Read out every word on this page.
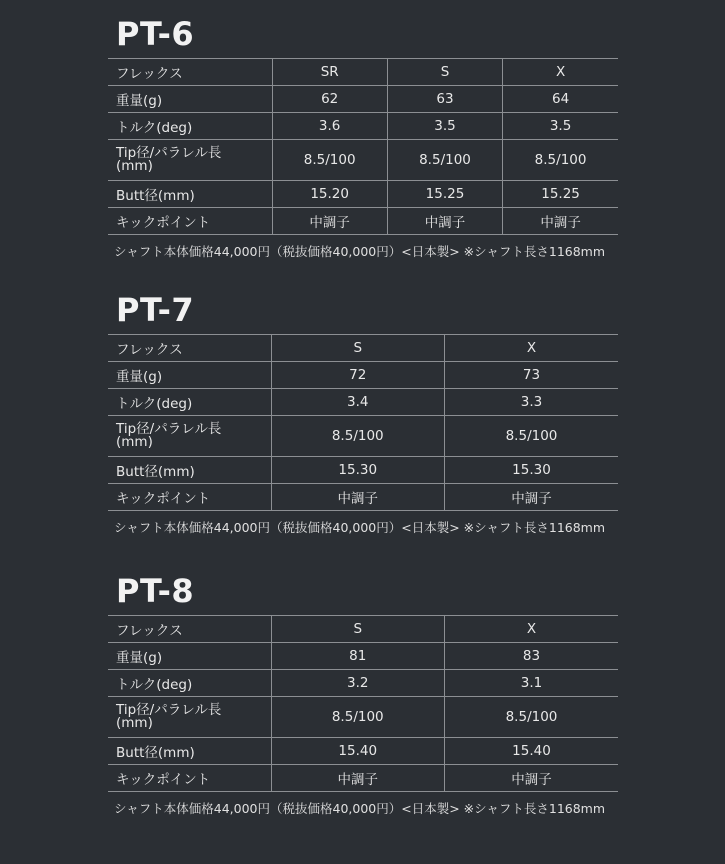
PT-6
フレックス	SR	S	X
重量(g)	62	63	64
トルク(deg)	3.6	3.5	3.5

Tip径/パラレル長
(mm)	8.5/100	8.5/100	8.5/100
Butt径(mm)	15.20	15.25	15.25
キックポイント	中調子	中調子	中調子
シャフト本体価格44,000円（税抜価格40,000円）<日本製> ※シャフト長さ1168mm
PT-7
フレックス	S	X
重量(g)	72	73
トルク(deg)	3.4	3.3

Tip径/パラレル長
(mm)	8.5/100	8.5/100
Butt径(mm)	15.30	15.30
キックポイント	中調子	中調子
シャフト本体価格44,000円（税抜価格40,000円）<日本製> ※シャフト長さ1168mm
PT-8
フレックス	S	X
重量(g)	81	83
トルク(deg)	3.2	3.1

Tip径/パラレル長
(mm)	8.5/100	8.5/100
Butt径(mm)	15.40	15.40
キックポイント	中調子	中調子
シャフト本体価格44,000円（税抜価格40,000円）<日本製> ※シャフト長さ1168mm
